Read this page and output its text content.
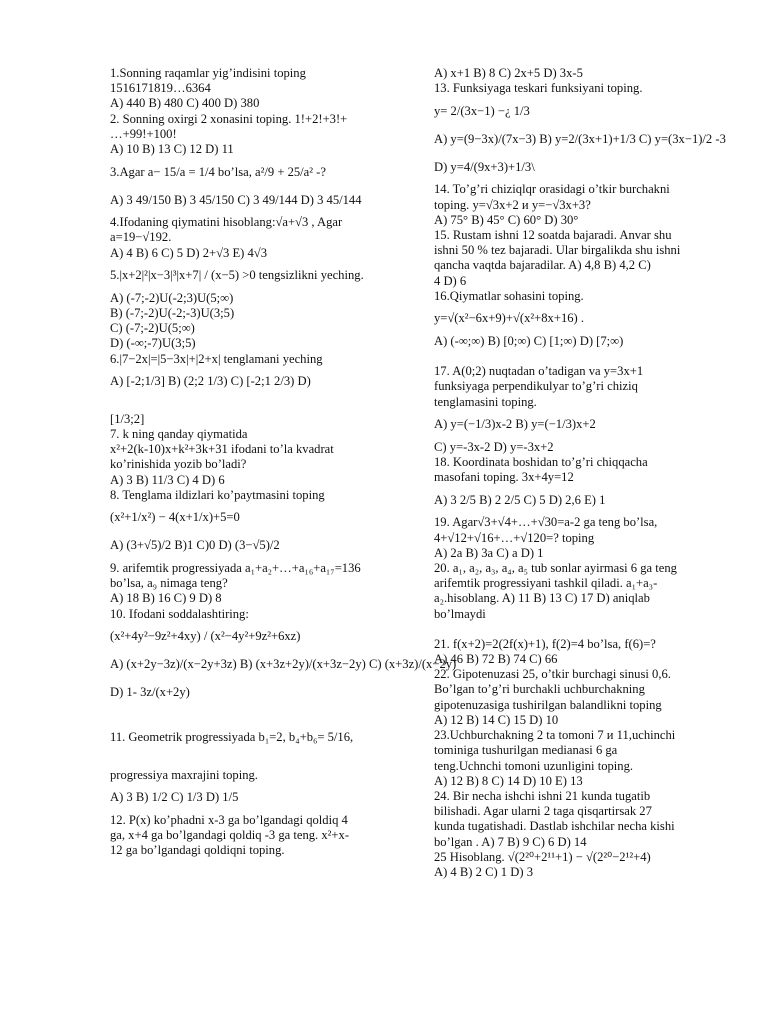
1.Sonning raqamlar yig’indisini toping
1516171819…6364
A) 440 B) 480 C) 400 D) 380
2. Sonning oxirgi 2 xonasini toping. 1!+2!+3!+
…+99!+100!
A) 10 B) 13 C) 12 D) 11
3.Agar a− 15/a = 1/4 bo’lsa, a²/9 + 25/a² -?
A) 3 49/150 B) 3 45/150 C) 3 49/144 D) 3 45/144
4.Ifodaning qiymatini hisoblang:√a+√3 , Agar
a=19−√192.
A) 4 B) 6 C) 5 D) 2+√3 E) 4√3
5.|x+2|²|x−3|³|x+7| / (x−5) >0 tengsizlikni yeching.
A) (-7;-2)U(-2;3)U(5;∞)
B) (-7;-2)U(-2;-3)U(3;5)
C) (-7;-2)U(5;∞)
D) (-∞;-7)U(3;5)
6.|7−2x|=|5−3x|+|2+x| tenglamani yeching
A) [-2;1/3] B) (2;2 1/3) C) [-2;1 2/3) D)
[1/3;2]
7. k ning qanday qiymatida
x²+2(k-10)x+k²+3k+31 ifodani to’la kvadrat
ko’rinishida yozib bo’ladi?
A) 3 B) 11/3 C) 4 D) 6
8. Tenglama ildizlari ko’paytmasini toping
(x²+1/x²) − 4(x+1/x)+5=0
A) (3+√5)/2 B)1 C)0 D) (3−√5)/2
9. arifemtik progressiyada a₁+a₂+…+a₁₆+a₁₇=136
bo’lsa, a₉ nimaga teng?
A) 18 B) 16 C) 9 D) 8
10. Ifodani soddalashtiring:
(x²+4y²−9z²+4xy) / (x²−4y²+9z²+6xz)
A) (x+2y−3z)/(x−2y+3z) B) (x+3z+2y)/(x+3z−2y) C) (x+3z)/(x−2y)
D) 1- 3z/(x+2y)
11. Geometrik progressiyada b₁=2, b₄+b₆= 5/16,
progressiya maxrajini toping.
A) 3 B) 1/2 C) 1/3 D) 1/5
12. P(x) ko’phadni x-3 ga bo’lgandagi qoldiq 4
ga, x+4 ga bo’lgandagi qoldiq -3 ga teng. x²+x-
12 ga bo’lgandagi qoldiqni toping.
A) x+1 B) 8 C) 2x+5 D) 3x-5
13. Funksiyaga teskari funksiyani toping.
y= 2/(3x−1) −¿ 1/3
A) y=(9−3x)/(7x−3) B) y=2/(3x+1)+1/3 C) y=(3x−1)/2 -3
D) y=4/(9x+3)+1/3\
14. To’g’ri chiziqlqr orasidagi o’tkir burchakni
toping. y=√3x+2 и y=−√3x+3?
A) 75° B) 45° C) 60° D) 30°
15. Rustam ishni 12 soatda bajaradi. Anvar shu
ishni 50 % tez bajaradi. Ular birgalikda shu ishni
qancha vaqtda bajaradilar. A) 4,8 B) 4,2 C)
4 D) 6
16.Qiymatlar sohasini toping.
y=√(x²−6x+9)+√(x²+8x+16) .
A) (-∞;∞) B) [0;∞) C) [1;∞) D) [7;∞)
17. A(0;2) nuqtadan o’tadigan va y=3x+1
funksiyaga perpendikulyar to’g’ri chiziq
tenglamasini toping.
A) y=(−1/3)x-2 B) y=(−1/3)x+2
C) y=-3x-2 D) y=-3x+2
18. Koordinata boshidan to’g’ri chiqqacha
masofani toping. 3x+4y=12
A) 3 2/5 B) 2 2/5 C) 5 D) 2,6 E) 1
19. Agar√3+√4+…+√30=a-2 ga teng bo’lsa,
4+√12+√16+…+√120=? toping
A) 2a B) 3a C) a D) 1
20. a₁, a₂, a₃, a₄, a₅ tub sonlar ayirmasi 6 ga teng
arifemtik progressiyani tashkil qiladi. a₁+a₃-
a₂.hisoblang. A) 11 B) 13 C) 17 D) aniqlab
bo’lmaydi
21. f(x+2)=2(2f(x)+1), f(2)=4 bo’lsa, f(6)=?
A) 46 B) 72 B) 74 C) 66
22. Gipotenuzasi 25, o’tkir burchagi sinusi 0,6.
Bo’lgan to’g’ri burchakli uchburchakning
gipotenuzasiga tushirilgan balandlikni toping
A) 12 B) 14 C) 15 D) 10
23.Uchburchakning 2 ta tomoni 7 и 11,uchinchi
tominiga tushurilgan medianasi 6 ga
teng.Uchnchi tomoni uzunligini toping.
A) 12 B) 8 C) 14 D) 10 E) 13
24. Bir necha ishchi ishni 21 kunda tugatib
bilishadi. Agar ularni 2 taga qisqartirsak 27
kunda tugatishadi. Dastlab ishchilar necha kishi
bo’lgan . A) 7 B) 9 C) 6 D) 14
25 Hisoblang. √(2²⁰+2¹¹+1) − √(2²⁰−2¹²+4)
A) 4 B) 2 C) 1 D) 3
